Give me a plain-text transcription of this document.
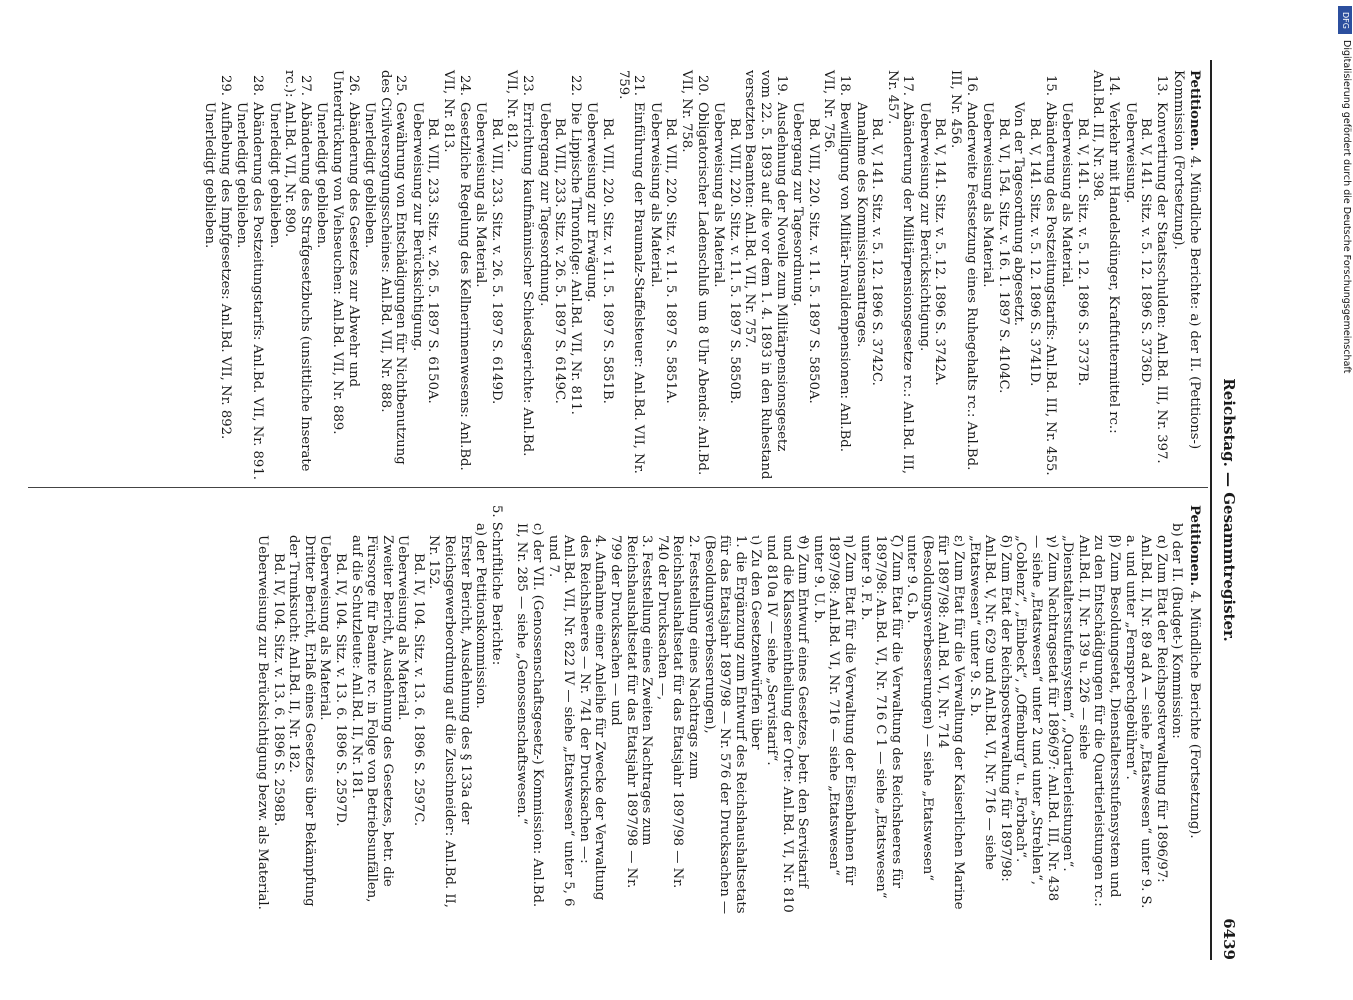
Reichstag. — Gesammtregister.
6439
Petitionen. 4. Mündliche Berichte: a) der II. (Petitions-) Kommission (Fortsetzung).
13.Konvertirung der Staatsschulden: Anl.Bd. III, Nr. 397.
Bd. V, 141. Sitz. v. 5. 12. 1896 S. 3736D.
Ueberweisung.
14.Verkehr mit Handelsdünger, Kraftfuttermittel rc.: Anl.Bd. III, Nr. 398.
Bd. V, 141. Sitz. v. 5. 12. 1896 S. 3737B.
Ueberweisung als Material.
15.Abänderung des Postzeitungstarifs: Anl.Bd. III, Nr. 455.
Bd. V, 141. Sitz. v. 5. 12. 1896 S. 3741D.
Von der Tagesordnung abgesetzt.
Bd. VI, 154. Sitz. v. 16. 1. 1897 S. 4104C.
Ueberweisung als Material.
16.Anderweite Festsetzung eines Ruhegehalts rc.: Anl.Bd. III, Nr. 456.
Bd. V, 141. Sitz. v. 5. 12. 1896 S. 3742A.
Ueberweisung zur Berücksichtigung.
17.Abänderung der Militärpensionsgesetze rc.: Anl.Bd. III, Nr. 457.
Bd. V, 141. Sitz. v. 5. 12. 1896 S. 3742C.
Annahme des Kommissionsantrages.
18.Bewilligung von Militär-Invalidenpensionen: Anl.Bd. VII, Nr. 756.
Bd. VIII, 220. Sitz. v. 11. 5. 1897 S. 5850A.
Uebergang zur Tagesordnung.
19.Ausdehnung der Novelle zum Militärpensionsgesetz vom 22. 5. 1893 auf die vor dem 1. 4. 1893 in den Ruhestand versetzten Beamten: Anl.Bd. VII, Nr. 757.
Bd. VIII, 220. Sitz. v. 11. 5. 1897 S. 5850B.
Ueberweisung als Material.
20.Obligatorischer Ladenschluß um 8 Uhr Abends: Anl.Bd. VII, Nr. 758.
Bd. VIII, 220. Sitz. v. 11. 5. 1897 S. 5851A.
Ueberweisung als Material.
21.Einführung der Braumalz-Staffelsteuer: Anl.Bd. VII, Nr. 759.
Bd. VIII, 220. Sitz. v. 11. 5. 1897 S. 5851B.
Ueberweisung zur Erwägung.
22.Die Lippische Thronfolge: Anl.Bd. VII, Nr. 811.
Bd. VIII, 233. Sitz. v. 26. 5. 1897 S. 6149C.
Uebergang zur Tagesordnung.
23.Errichtung kaufmännischer Schiedsgerichte: Anl.Bd. VII, Nr. 812.
Bd. VIII, 233. Sitz. v. 26. 5. 1897 S. 6149D.
Ueberweisung als Material.
24.Gesetzliche Regelung des Kellnerinnenwesens: Anl.Bd. VII, Nr. 813.
Bd. VIII, 233. Sitz. v. 26. 5. 1897 S. 6150A.
Ueberweisung zur Berücksichtigung.
25.Gewährung von Entschädigungen für Nichtbenutzung des Civilversorgungsscheines: Anl.Bd. VII, Nr. 888.
Unerledigt geblieben.
26.Abänderung des Gesetzes zur Abwehr und Unterdrückung von Viehseuchen: Anl.Bd. VII, Nr. 889.
Unerledigt geblieben.
27.Abänderung des Strafgesetzbuchs (unsittliche Inserate rc.): Anl.Bd. VII, Nr. 890.
Unerledigt geblieben.
28.Abänderung des Postzeitungstarifs: Anl.Bd. VII, Nr. 891.
Unerledigt geblieben.
29.Aufhebung des Impfgesetzes: Anl.Bd. VII, Nr. 892.
Unerledigt geblieben.
Petitionen. 4. Mündliche Berichte (Fortsetzung).
b) der II. (Budget-) Kommission:
α) Zum Etat der Reichspostverwaltung für 1896/97: Anl.Bd. II, Nr. 89 ad A — siehe „Etatswesen“ unter 9. S. a. und unter „Fernsprechgebühren“.
β) Zum Besoldungsetat, Dienstaltersstufensystem und zu den Entschädigungen für die Quartierleistungen rc.: Anl.Bd. II, Nr. 139 u. 226 — siehe „Dienstaltersstufensystem“, „Quartierleistungen“.
γ) Zum Nachtragsetat für 1896/97: Anl.Bd. III, Nr. 438 — siehe „Etatswesen“ unter 2 und unter „Strehlen“, „Coblenz“, „Einbeck“, „Offenburg“ u. „Forbach“.
δ) Zum Etat der Reichspostverwaltung für 1897/98: Anl.Bd. V, Nr. 629 und Anl.Bd. VI, Nr. 716 — siehe „Etatswesen“ unter 9. S. b.
ε) Zum Etat für die Verwaltung der Kaiserlichen Marine für 1897/98: Anl.Bd. VI, Nr. 714 (Besoldungsverbesserungen) — siehe „Etatswesen“ unter 9. G. b.
ζ) Zum Etat für die Verwaltung des Reichsheeres für 1897/98: An.Bd. VI, Nr. 716 C 1 — siehe „Etatswesen“ unter 9. F. b.
η) Zum Etat für die Verwaltung der Eisenbahnen für 1897/98: Anl.Bd. VI, Nr. 716 — siehe „Etatswesen“ unter 9. U. b.
ϑ) Zum Entwurf eines Gesetzes, betr. den Servistarif und die Klasseneintheilung der Orte: Anl.Bd. VI, Nr. 810 und 810a IV — siehe „Servistarif“.
ι) Zu den Gesetzentwürfen über
1. die Ergänzung zum Entwurf des Reichshaushaltsetats für das Etatsjahr 1897/98 — Nr. 576 der Drucksachen — (Besoldungsverbesserungen),
2. Feststellung eines Nachtrags zum Reichshaushaltsetat für das Etatsjahr 1897/98 — Nr. 740 der Drucksachen —,
3. Feststellung eines Zweiten Nachtrages zum Reichshaushaltsetat für das Etatsjahr 1897/98 — Nr. 799 der Drucksachen — und
4. Aufnahme einer Anleihe für Zwecke der Verwaltung des Reichsheeres — Nr. 741 der Drucksachen —:
Anl.Bd. VII, Nr. 822 IV — siehe „Etatswesen“ unter 5, 6 und 7.
c) der VII. (Genossenschaftsgesetz-) Kommission: Anl.Bd. II, Nr. 285 — siehe „Genossenschaftswesen.“
5. Schriftliche Berichte:
a) der Petitionskommission.
Erster Bericht, Ausdehnung des § 133a der Reichsgewerbeordnung auf die Zuschneider: Anl.Bd. II, Nr. 152.
Bd. IV, 104. Sitz. v. 13. 6. 1896 S. 2597C.
Ueberweisung als Material.
Zweiter Bericht, Ausdehnung des Gesetzes, betr. die Fürsorge für Beamte rc. in Folge von Betriebsunfällen, auf die Schutzleute: Anl.Bd. II, Nr. 181.
Bd. IV, 104. Sitz. v. 13. 6. 1896 S. 2597D.
Ueberweisung als Material.
Dritter Bericht, Erlaß eines Gesetzes über Bekämpfung der Trunksucht: Anl.Bd. II, Nr. 182.
Bd. IV, 104. Sitz. v. 13. 6. 1896 S. 2598B.
Ueberweisung zur Berücksichtigung bezw. als Material.
DFG
Digitalisierung gefördert durch die Deutsche Forschungsgemeinschaft
